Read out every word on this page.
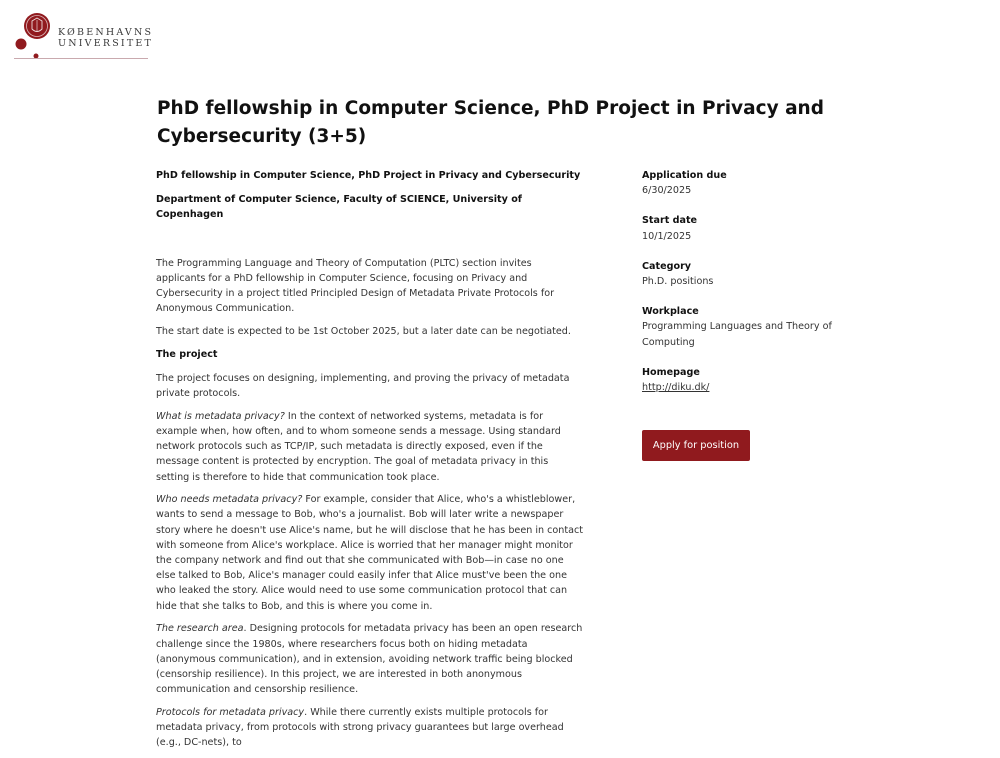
KØBENHAVNS
UNIVERSITET
PhD fellowship in Computer Science, PhD Project in Privacy and Cybersecurity (3+5)

PhD fellowship in Computer Science, PhD Project in Privacy and Cybersecurity

Department of Computer Science, Faculty of SCIENCE, University of Copenhagen

The Programming Language and Theory of Computation (PLTC) section invites applicants for a PhD fellowship in Computer Science, focusing on Privacy and Cybersecurity in a project titled Principled Design of Metadata Private Protocols for Anonymous Communication.

The start date is expected to be 1st October 2025, but a later date can be negotiated.

The project

The project focuses on designing, implementing, and proving the privacy of metadata private protocols.

What is metadata privacy? In the context of networked systems, metadata is for example when, how often, and to whom someone sends a message. Using standard network protocols such as TCP/IP, such metadata is directly exposed, even if the message content is protected by encryption. The goal of metadata privacy in this setting is therefore to hide that communication took place.

Who needs metadata privacy? For example, consider that Alice, who's a whistleblower, wants to send a message to Bob, who's a journalist. Bob will later write a newspaper story where he doesn't use Alice's name, but he will disclose that he has been in contact with someone from Alice's workplace. Alice is worried that her manager might monitor the company network and find out that she communicated with Bob—in case no one else talked to Bob, Alice's manager could easily infer that Alice must've been the one who leaked the story. Alice would need to use some communication protocol that can hide that she talks to Bob, and this is where you come in.

The research area. Designing protocols for metadata privacy has been an open research challenge since the 1980s, where researchers focus both on hiding metadata (anonymous communication), and in extension, avoiding network traffic being blocked (censorship resilience). In this project, we are interested in both anonymous communication and censorship resilience.

Protocols for metadata privacy. While there currently exists multiple protocols for metadata privacy, from protocols with strong privacy guarantees but large overhead (e.g., DC-nets), to

Application due
6/30/2025
Start date
10/1/2025
Category
Ph.D. positions
Workplace
Programming Languages and Theory of Computing
Homepage
http://diku.dk/
Apply for position
